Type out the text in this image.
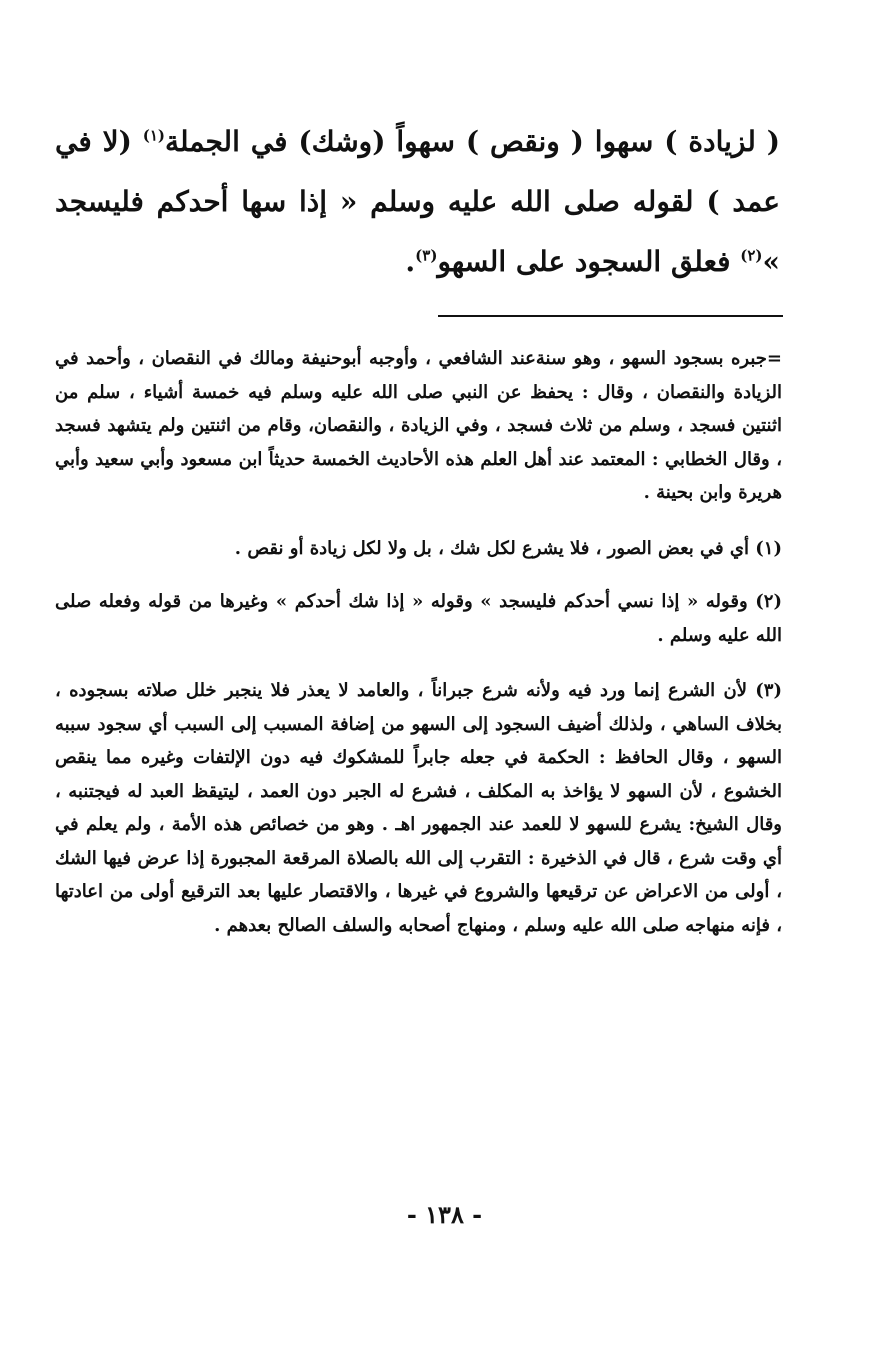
( لزيادة ) سهوا ( ونقص ) سهواً (وشك) في الجملة$^{(١)}$ (لا في عمد ) لقوله صلى الله عليه وسلم « إذا سها أحدكم فليسجد »$^{(٢)}$ فعلق السجود على السهو$^{(٣)}$.

=جبره بسجود السهو ، وهو سنةعند الشافعي ، وأوجبه أبوحنيفة ومالك في النقصان ، وأحمد في الزيادة والنقصان ، وقال : يحفظ عن النبي صلى الله عليه وسلم فيه خمسة أشياء ، سلم من اثنتين فسجد ، وسلم من ثلاث فسجد ، وفي الزيادة ، والنقصان، وقام من اثنتين ولم يتشهد فسجد ، وقال الخطابي : المعتمد عند أهل العلم هذه الأحاديث الخمسة حديثاً ابن مسعود وأبي سعيد وأبي هريرة وابن بحينة .

(١) أي في بعض الصور ، فلا يشرع لكل شك ، بل ولا لكل زيادة أو نقص .

(٢) وقوله « إذا نسي أحدكم فليسجد » وقوله « إذا شك أحدكم » وغيرها من قوله وفعله صلى الله عليه وسلم .

(٣) لأن الشرع إنما ورد فيه ولأنه شرع جبراناً ، والعامد لا يعذر فلا ينجبر خلل صلاته بسجوده ، بخلاف الساهي ، ولذلك أضيف السجود إلى السهو من إضافة المسبب إلى السبب أي سجود سببه السهو ، وقال الحافظ : الحكمة في جعله جابراً للمشكوك فيه دون الإلتفات وغيره مما ينقص الخشوع ، لأن السهو لا يؤاخذ به المكلف ، فشرع له الجبر دون العمد ، ليتيقظ العبد له فيجتنبه ، وقال الشيخ: يشرع للسهو لا للعمد عند الجمهور اهـ . وهو من خصائص هذه الأمة ، ولم يعلم في أي وقت شرع ، قال في الذخيرة : التقرب إلى الله بالصلاة المرقعة المجبورة إذا عرض فيها الشك ، أولى من الاعراض عن ترقيعها والشروع في غيرها ، والاقتصار عليها بعد الترقيع أولى من اعادتها ، فإنه منهاجه صلى الله عليه وسلم ، ومنهاج أصحابه والسلف الصالح بعدهم .

- ١٣٨ -
